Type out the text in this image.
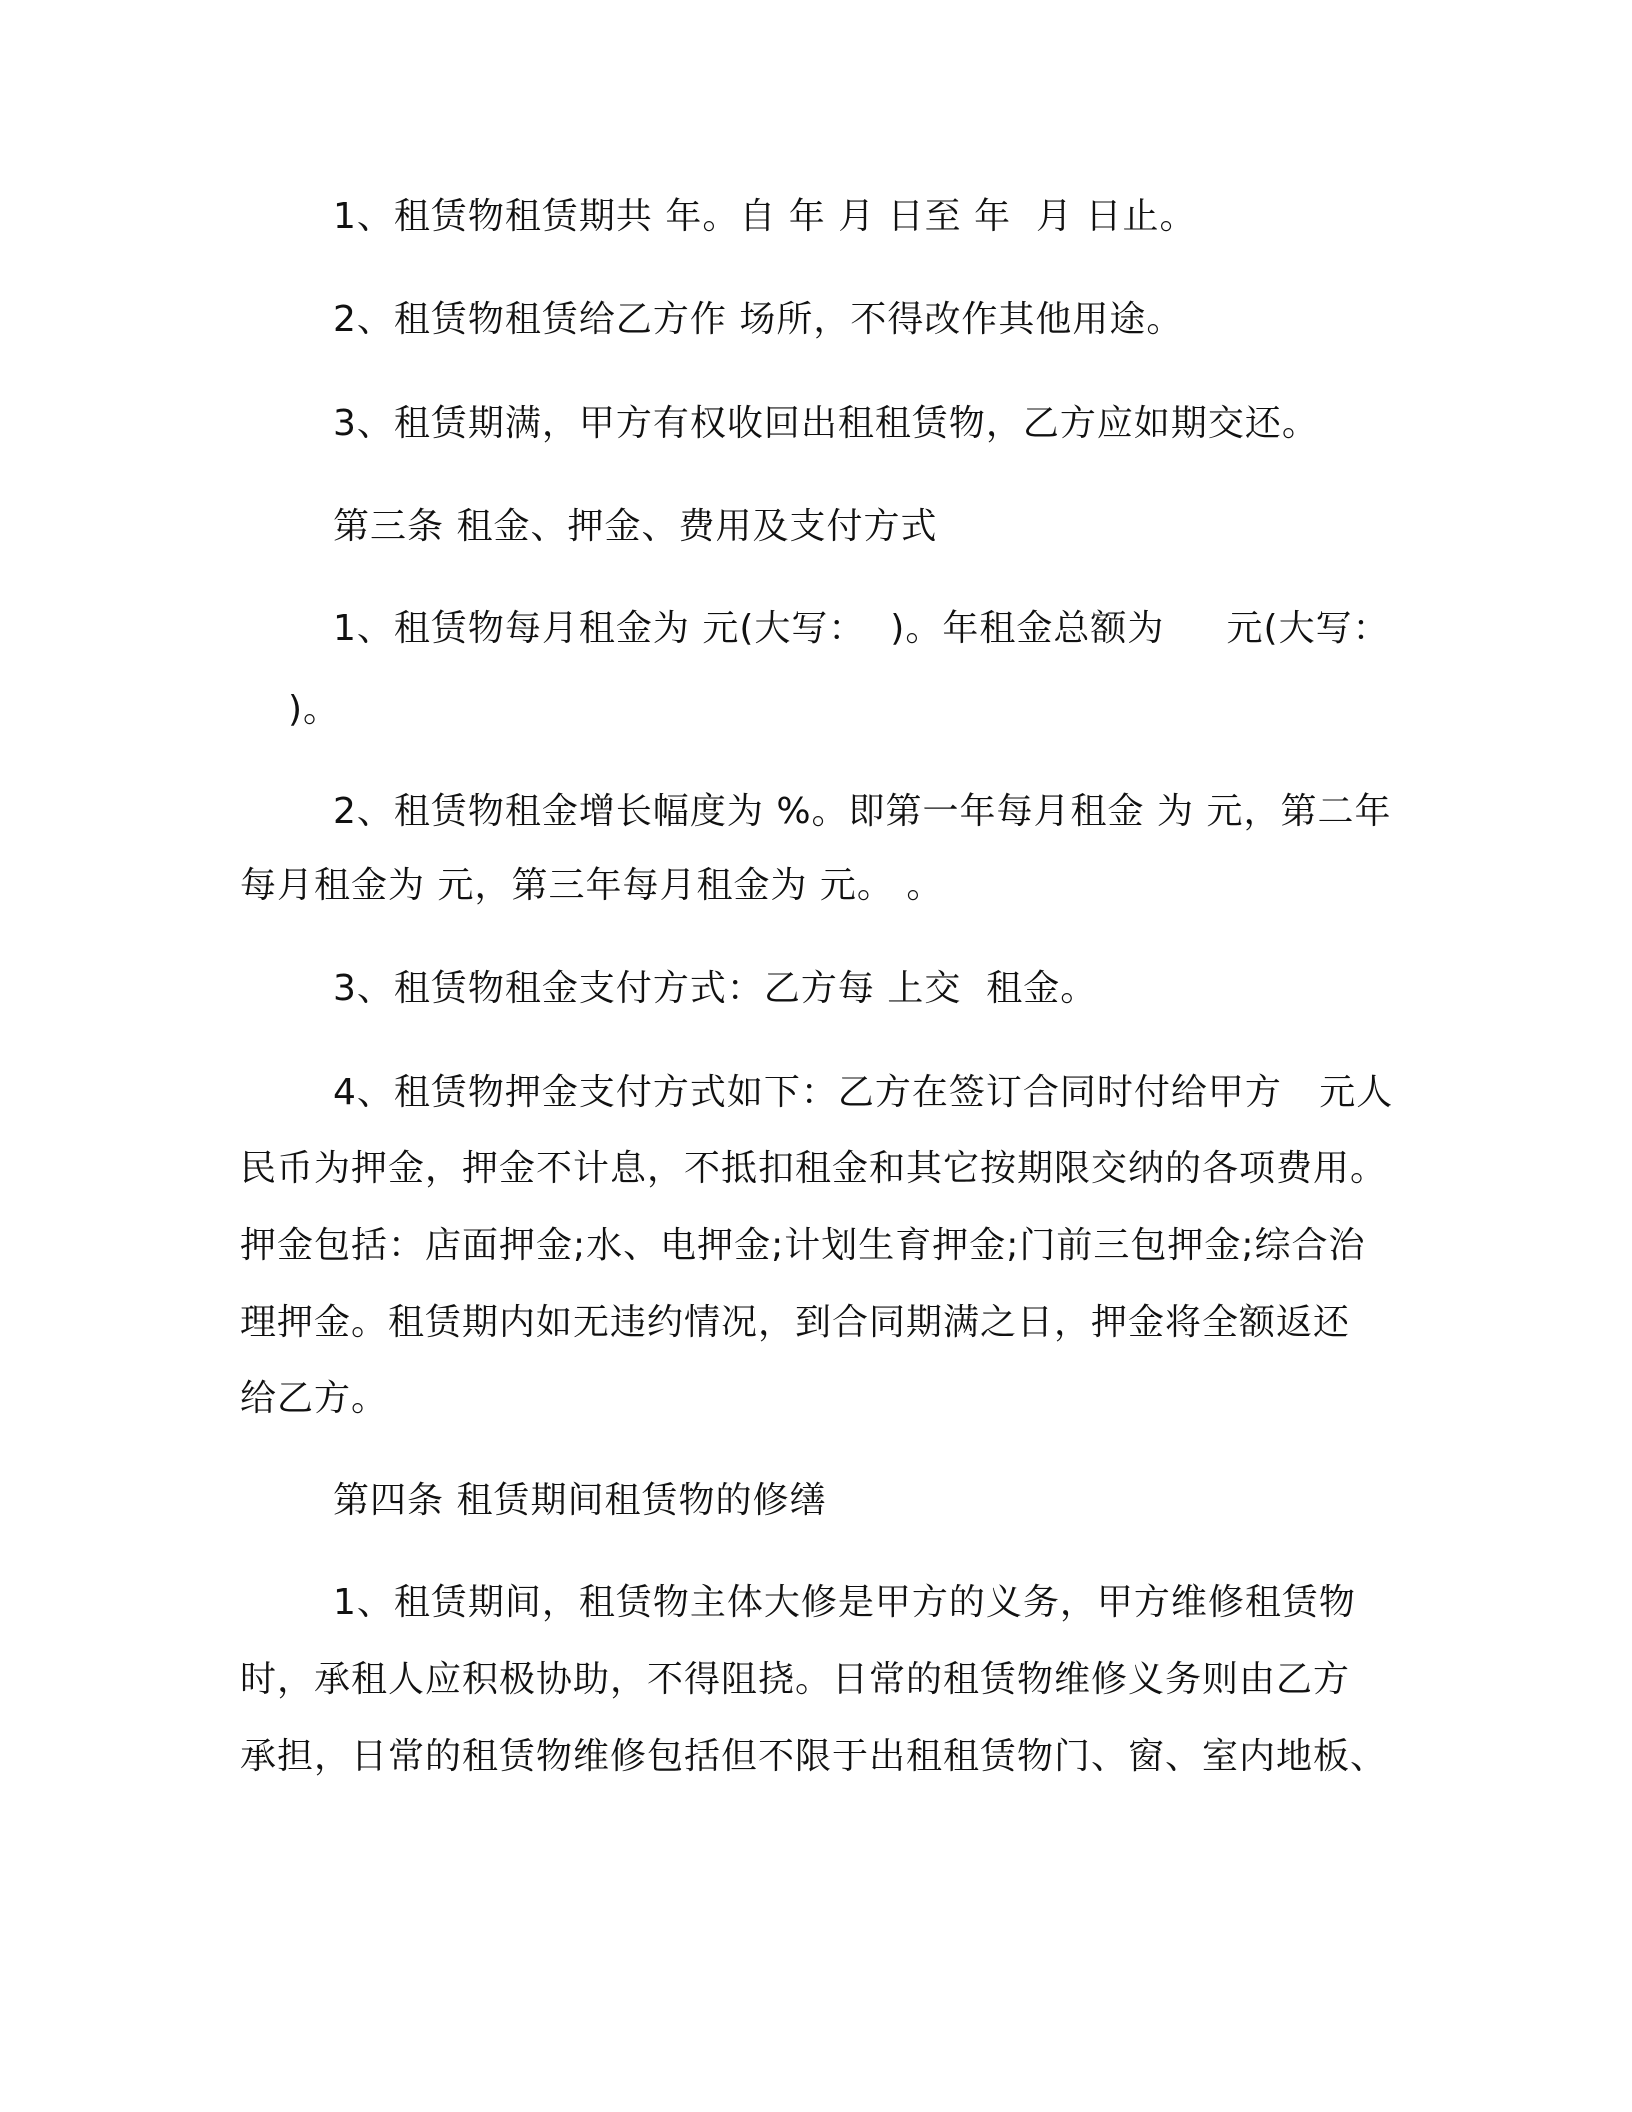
1、租赁物租赁期共 年。自 年 月 日至 年  月 日止。
2、租赁物租赁给乙方作 场所，不得改作其他用途。
3、租赁期满，甲方有权收回出租租赁物，乙方应如期交还。
第三条 租金、押金、费用及支付方式
1、租赁物每月租金为 元(大写：  )。年租金总额为     元(大写：
)。
2、租赁物租金增长幅度为 %。即第一年每月租金 为 元，第二年
每月租金为 元，第三年每月租金为 元。 。
3、租赁物租金支付方式：乙方每 上交  租金。
4、租赁物押金支付方式如下：乙方在签订合同时付给甲方   元人
民币为押金，押金不计息，不抵扣租金和其它按期限交纳的各项费用。
押金包括：店面押金;水、电押金;计划生育押金;门前三包押金;综合治
理押金。租赁期内如无违约情况，到合同期满之日，押金将全额返还
给乙方。
第四条 租赁期间租赁物的修缮
1、租赁期间，租赁物主体大修是甲方的义务，甲方维修租赁物
时，承租人应积极协助，不得阻挠。日常的租赁物维修义务则由乙方
承担，日常的租赁物维修包括但不限于出租租赁物门、窗、室内地板、
